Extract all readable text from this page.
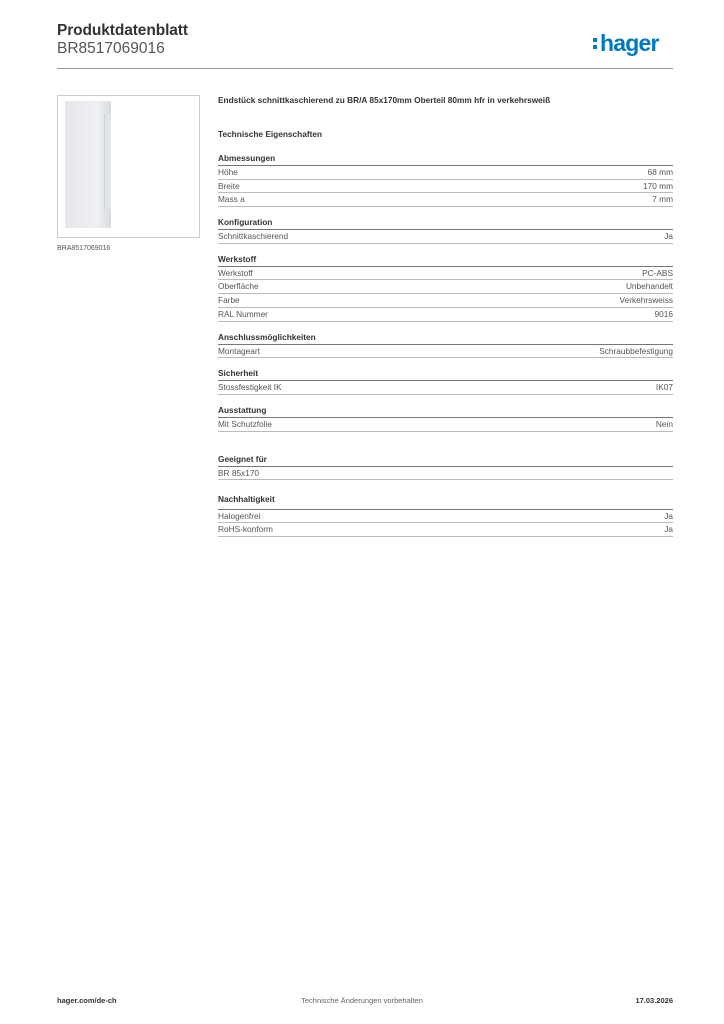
Produktdatenblatt
BR8517069016	hager
BRA8517069016
Endstück schnittkaschierend zu BR/A 85x170mm Oberteil 80mm hfr in verkehrsweiß
Technische Eigenschaften
Abmessungen
Höhe	68 mm
Breite	170 mm
Mass a	7 mm
Konfiguration
Schnittkaschierend	Ja
Werkstoff
Werkstoff	PC-ABS
Oberfläche	Unbehandelt
Farbe	Verkehrsweiss
RAL Nummer	9016
Anschlussmöglichkeiten
Montageart	Schraubbefestigung
Sicherheit
Stossfestigkeit IK	IK07
Ausstattung
Mit Schutzfolie	Nein
Geeignet für
BR 85x170
Nachhaltigkeit
Halogenfrei	Ja
RoHS-konform	Ja
Technische Änderungen vorbehalten
hager.com/de-ch	17.03.2026
